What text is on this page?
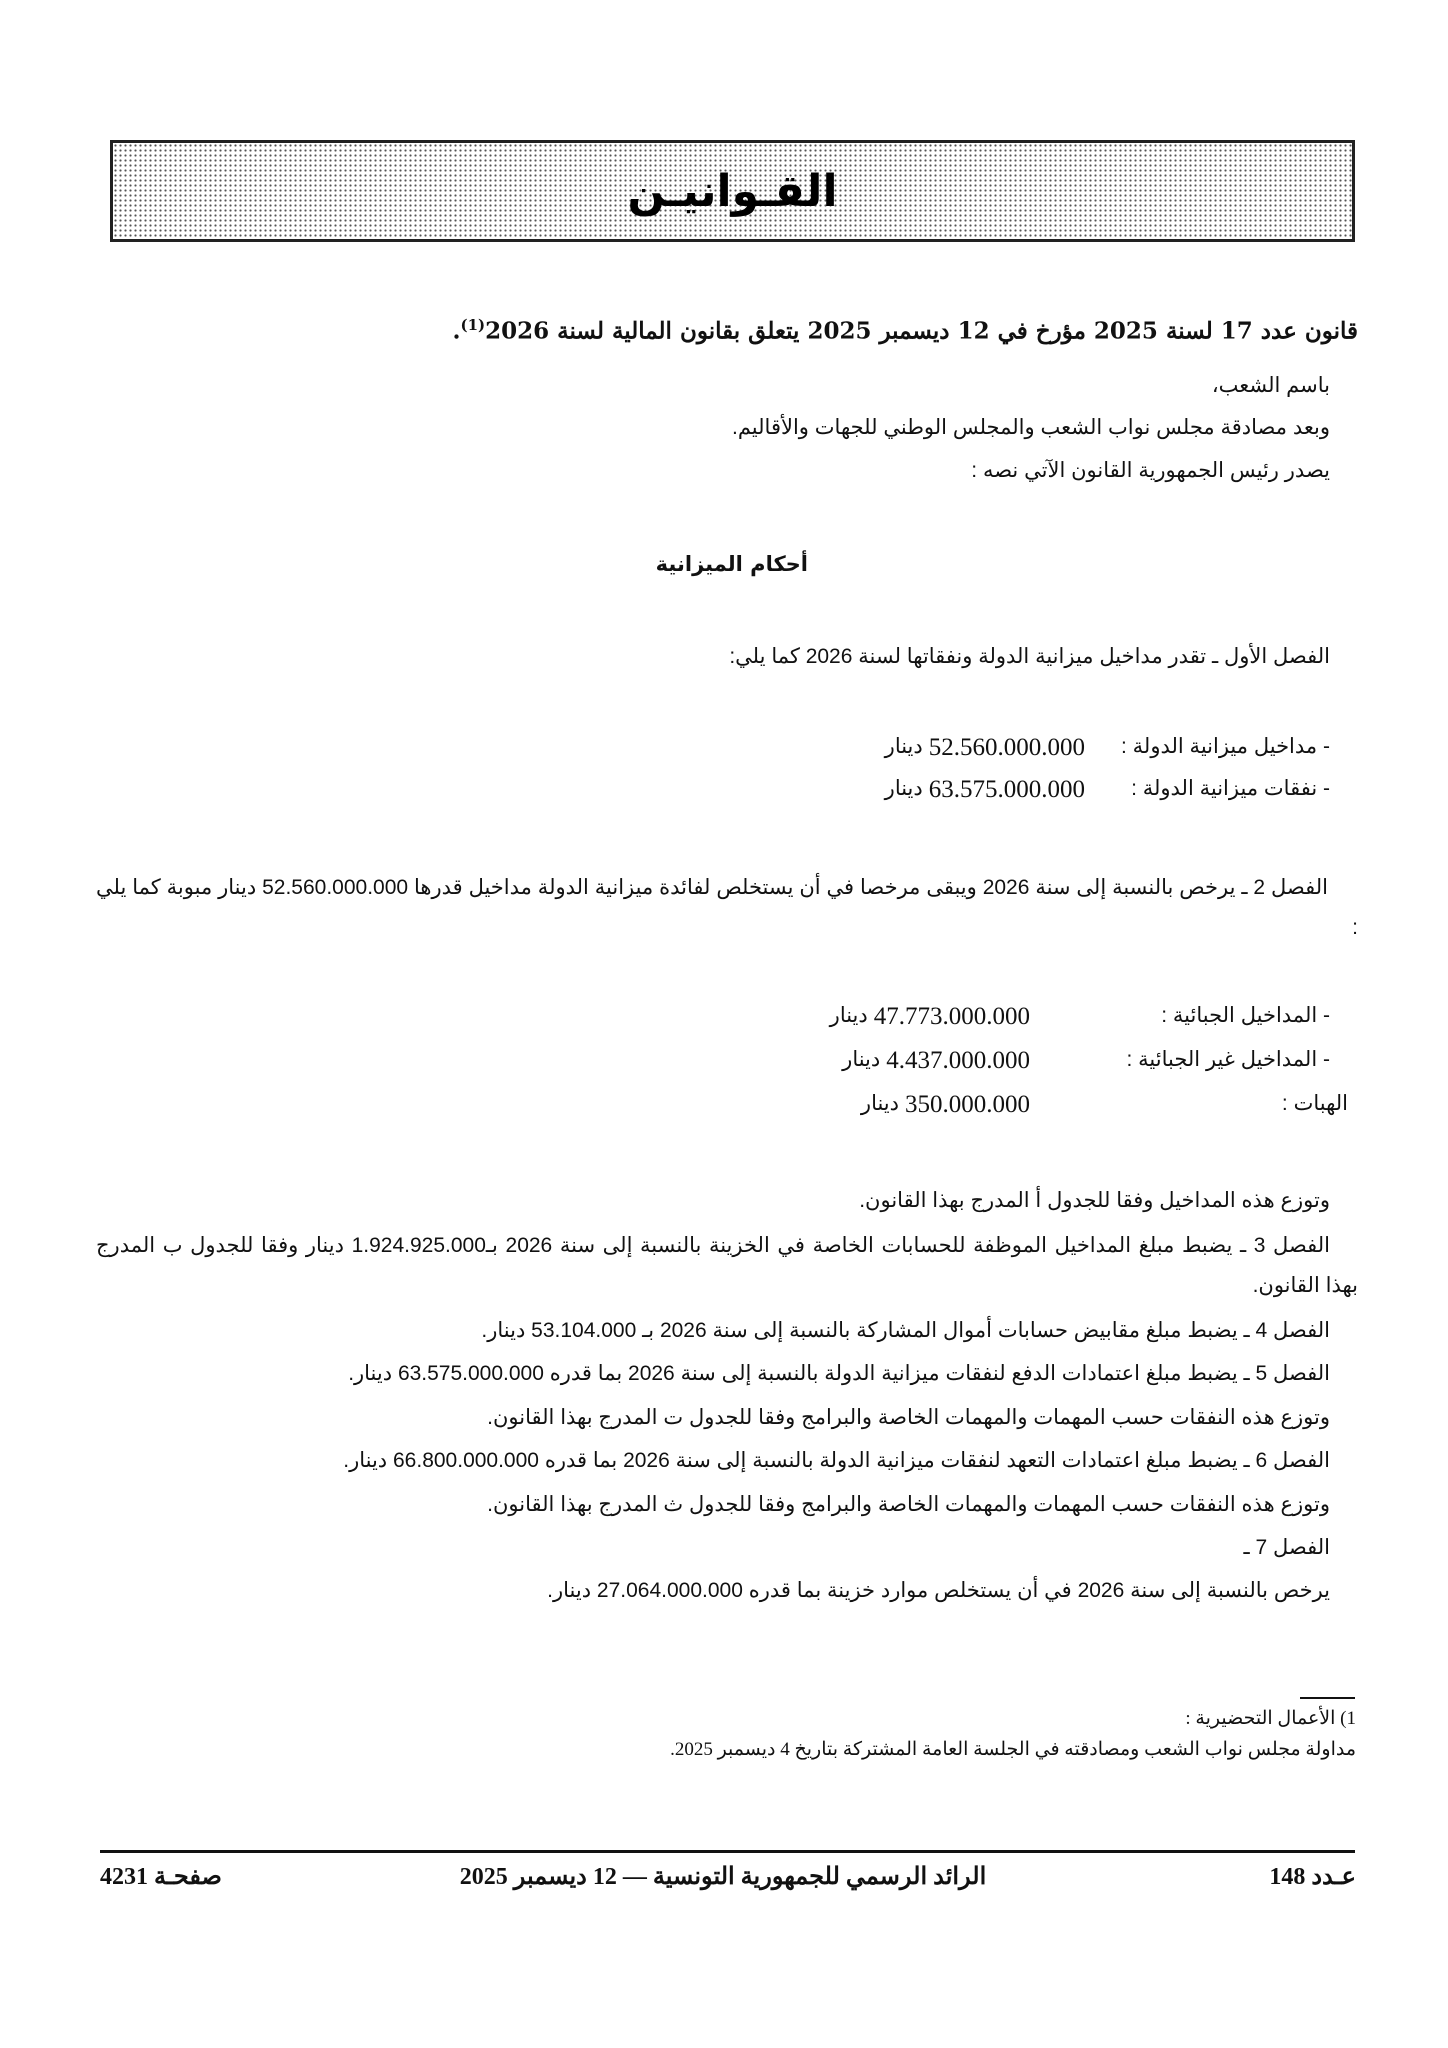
القـوانيـن
قانون عدد 17 لسنة 2025 مؤرخ في 12 ديسمبر 2025 يتعلق بقانون المالية لسنة 2026$^{(1)}$.
باسم الشعب،
وبعد مصادقة مجلس نواب الشعب والمجلس الوطني للجهات والأقاليم.
يصدر رئيس الجمهورية القانون الآتي نصه :
أحكام الميزانية
الفصل الأول ـ تقدر مداخيل ميزانية الدولة ونفقاتها لسنة 2026 كما يلي:
- مداخيل ميزانية الدولة :
52.560.000.000
دينار
- نفقات ميزانية الدولة :
63.575.000.000
دينار
الفصل 2 ـ يرخص بالنسبة إلى سنة 2026 ويبقى مرخصا في أن يستخلص لفائدة ميزانية الدولة مداخيل قدرها 52.560.000.000 دينار مبوبة كما يلي :
- المداخيل الجبائية :
47.773.000.000
دينار
- المداخيل غير الجبائية :
4.437.000.000
دينار
الهبات :
350.000.000
دينار
وتوزع هذه المداخيل وفقا للجدول أ المدرج بهذا القانون.
الفصل 3 ـ يضبط مبلغ المداخيل الموظفة للحسابات الخاصة في الخزينة بالنسبة إلى سنة 2026 بـ1.924.925.000 دينار وفقا للجدول ب المدرج بهذا القانون.
الفصل 4 ـ يضبط مبلغ مقابيض حسابات أموال المشاركة بالنسبة إلى سنة 2026 بـ 53.104.000 دينار.
الفصل 5 ـ يضبط مبلغ اعتمادات الدفع لنفقات ميزانية الدولة بالنسبة إلى سنة 2026 بما قدره 63.575.000.000 دينار.
وتوزع هذه النفقات حسب المهمات والمهمات الخاصة والبرامج وفقا للجدول ت المدرج بهذا القانون.
الفصل 6 ـ يضبط مبلغ اعتمادات التعهد لنفقات ميزانية الدولة بالنسبة إلى سنة 2026 بما قدره 66.800.000.000 دينار.
وتوزع هذه النفقات حسب المهمات والمهمات الخاصة والبرامج وفقا للجدول ث المدرج بهذا القانون.
الفصل 7 ـ
يرخص بالنسبة إلى سنة 2026 في أن يستخلص موارد خزينة بما قدره 27.064.000.000 دينار.
1) الأعمال التحضيرية :
مداولة مجلس نواب الشعب ومصادقته في الجلسة العامة المشتركة بتاريخ 4 ديسمبر 2025.
عـدد 148
الرائد الرسمي للجمهورية التونسية — 12 ديسمبر 2025
صفحـة 4231
